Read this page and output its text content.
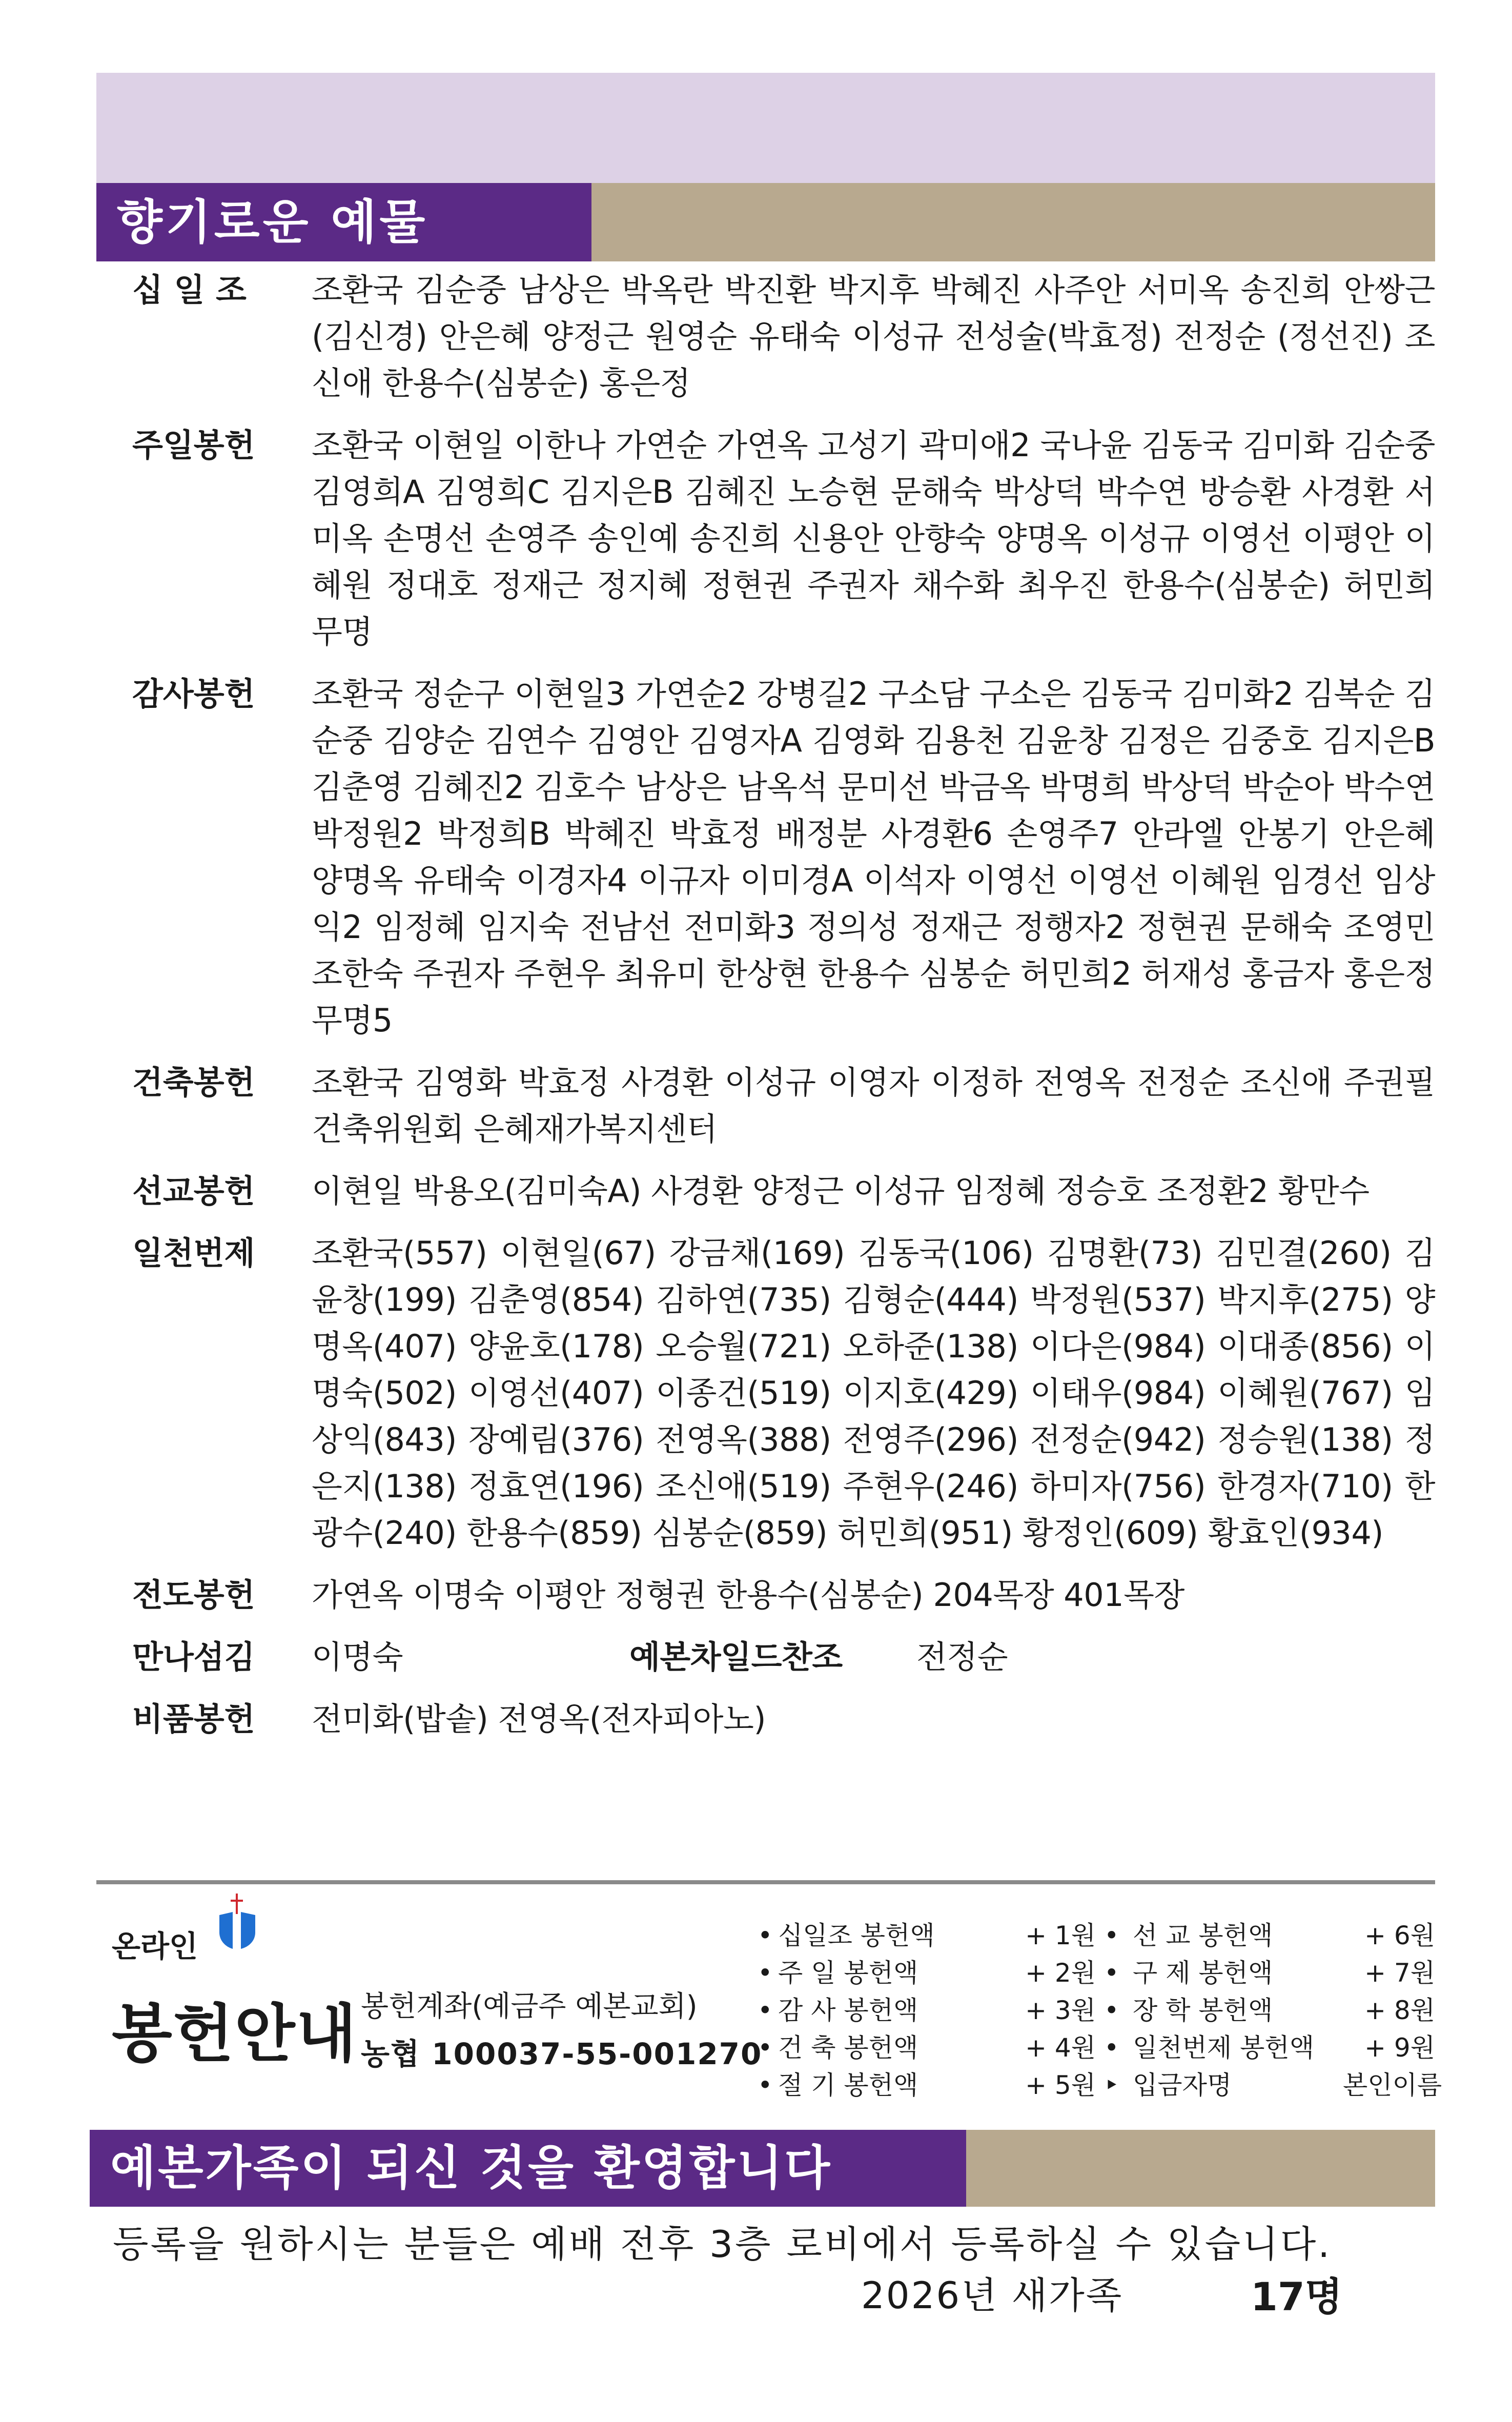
향기로운 예물
십 일 조	조환국 김순중 남상은 박옥란 박진환 박지후 박혜진 사주안 서미옥 송진희 안쌍근(김신경) 안은혜 양정근 원영순 유태숙 이성규 전성술(박효정) 전정순 (정선진) 조신애 한용수(심봉순) 홍은정
주일봉헌	조환국 이현일 이한나 가연순 가연옥 고성기 곽미애2 국나윤 김동국 김미화 김순중 김영희A 김영희C 김지은B 김혜진 노승현 문해숙 박상덕 박수연 방승환 사경환 서미옥 손명선 손영주 송인예 송진희 신용안 안향숙 양명옥 이성규 이영선 이평안 이혜원 정대호 정재근 정지혜 정현권 주권자 채수화 최우진 한용수(심봉순) 허민희 무명
감사봉헌	조환국 정순구 이현일3 가연순2 강병길2 구소담 구소은 김동국 김미화2 김복순 김순중 김양순 김연수 김영안 김영자A 김영화 김용천 김윤창 김정은 김중호 김지은B 김춘영 김혜진2 김호수 남상은 남옥석 문미선 박금옥 박명희 박상덕 박순아 박수연 박정원2 박정희B 박혜진 박효정 배정분 사경환6 손영주7 안라엘 안봉기 안은혜 양명옥 유태숙 이경자4 이규자 이미경A 이석자 이영선 이영선 이혜원 임경선 임상익2 임정혜 임지숙 전남선 전미화3 정의성 정재근 정행자2 정현권 문해숙 조영민 조한숙 주권자 주현우 최유미 한상현 한용수 심봉순 허민희2 허재성 홍금자 홍은정 무명5
건축봉헌	조환국 김영화 박효정 사경환 이성규 이영자 이정하 전영옥 전정순 조신애 주권필 건축위원회 은혜재가복지센터
선교봉헌	이현일 박용오(김미숙A) 사경환 양정근 이성규 임정혜 정승호 조정환2 황만수
일천번제	조환국(557) 이현일(67) 강금채(169) 김동국(106) 김명환(73) 김민결(260) 김윤창(199) 김춘영(854) 김하연(735) 김형순(444) 박정원(537) 박지후(275) 양명옥(407) 양윤호(178) 오승월(721) 오하준(138) 이다은(984) 이대종(856) 이명숙(502) 이영선(407) 이종건(519) 이지호(429) 이태우(984) 이혜원(767) 임상익(843) 장예림(376) 전영옥(388) 전영주(296) 전정순(942) 정승원(138) 정은지(138) 정효연(196) 조신애(519) 주현우(246) 하미자(756) 한경자(710) 한광수(240) 한용수(859) 심봉순(859) 허민희(951) 황정인(609) 황효인(934)
전도봉헌	가연옥 이명숙 이평안 정형권 한용수(심봉순) 204목장 401목장
만나섬김	이명숙	예본차일드찬조	전정순
비품봉헌	전미화(밥솥) 전영옥(전자피아노)
온라인
봉헌안내 봉헌계좌(예금주 예본교회)
농협 100037-55-001270
• 십일조 봉헌액	+ 1원 • 선 교 봉헌액	+ 6원
• 주 일 봉헌액	+ 2원 • 구 제 봉헌액	+ 7원
• 감 사 봉헌액	+ 3원 • 장 학 봉헌액	+ 8원
• 건 축 봉헌액	+ 4원 • 일천번제 봉헌액	+ 9원
• 절 기 봉헌액	+ 5원 ‣ 입금자명	본인이름
예본가족이 되신 것을 환영합니다
등록을 원하시는 분들은 예배 전후 3층 로비에서 등록하실 수 있습니다.
2026년 새가족	17명
